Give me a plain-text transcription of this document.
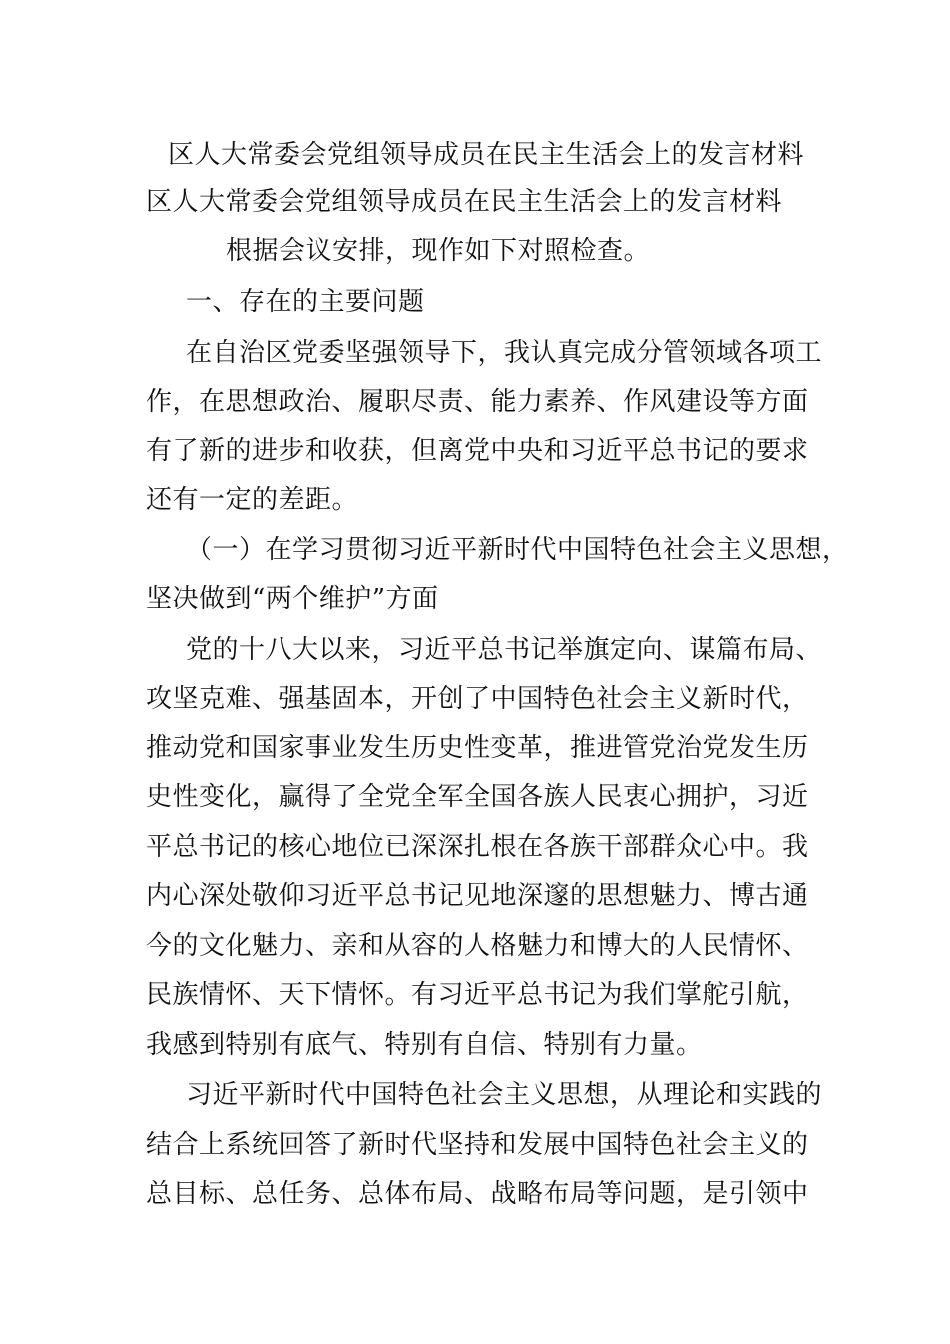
区人大常委会党组领导成员在民主生活会上的发言材料
区人大常委会党组领导成员在民主生活会上的发言材料
根据会议安排，现作如下对照检查。
一、存在的主要问题
在自治区党委坚强领导下，我认真完成分管领域各项工
作，在思想政治、履职尽责、能力素养、作风建设等方面
有了新的进步和收获，但离党中央和习近平总书记的要求
还有一定的差距。
（一）在学习贯彻习近平新时代中国特色社会主义思想，
坚决做到“两个维护”方面
党的十八大以来，习近平总书记举旗定向、谋篇布局、
攻坚克难、强基固本，开创了中国特色社会主义新时代，
推动党和国家事业发生历史性变革，推进管党治党发生历
史性变化，赢得了全党全军全国各族人民衷心拥护，习近
平总书记的核心地位已深深扎根在各族干部群众心中。我
内心深处敬仰习近平总书记见地深邃的思想魅力、博古通
今的文化魅力、亲和从容的人格魅力和博大的人民情怀、
民族情怀、天下情怀。有习近平总书记为我们掌舵引航，
我感到特别有底气、特别有自信、特别有力量。
习近平新时代中国特色社会主义思想，从理论和实践的
结合上系统回答了新时代坚持和发展中国特色社会主义的
总目标、总任务、总体布局、战略布局等问题，是引领中
